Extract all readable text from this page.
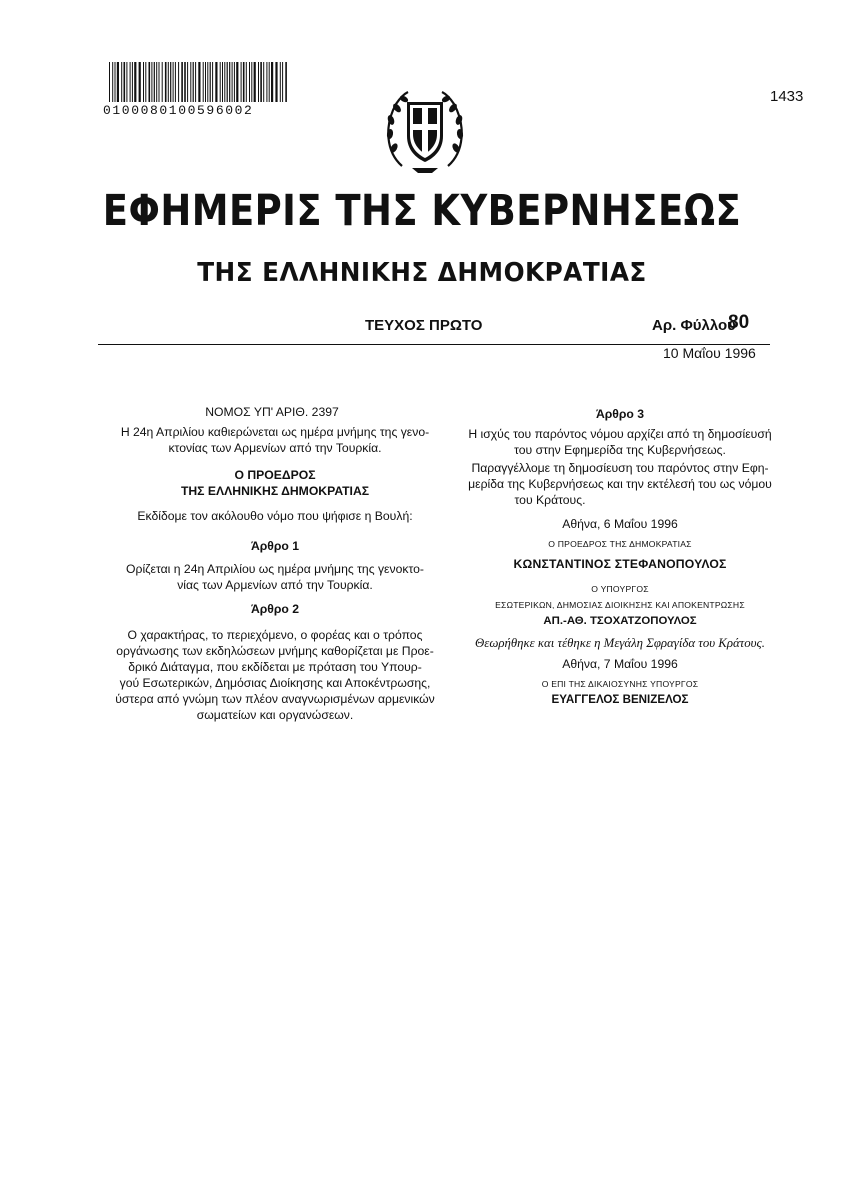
0100080100596002
1433
ΕΦΗΜΕΡΙΣ ΤΗΣ ΚΥΒΕΡΝΗΣΕΩΣ
ΤΗΣ ΕΛΛΗΝΙΚΗΣ ΔΗΜΟΚΡΑΤΙΑΣ
ΤΕΥΧΟΣ ΠΡΩΤΟ	Αρ. Φύλλου
80
10 Μαΐου 1996

ΝΟΜΟΣ ΥΠ' ΑΡΙΘ. 2397

Η 24η Απριλίου καθιερώνεται ως ημέρα μνήμης της γενο-

κτονίας των Αρμενίων από την Τουρκία.

Ο ΠΡΟΕΔΡΟΣ

ΤΗΣ ΕΛΛΗΝΙΚΗΣ ΔΗΜΟΚΡΑΤΙΑΣ

Εκδίδομε τον ακόλουθο νόμο που ψήφισε η Βουλή:

Άρθρο 1

Ορίζεται η 24η Απριλίου ως ημέρα μνήμης της γενοκτο-

νίας των Αρμενίων από την Τουρκία.

Άρθρο 2

Ο χαρακτήρας, το περιεχόμενο, ο φορέας και ο τρόπος

οργάνωσης των εκδηλώσεων μνήμης καθορίζεται με Προε-

δρικό Διάταγμα, που εκδίδεται με πρόταση του Υπουρ-

γού Εσωτερικών, Δημόσιας Διοίκησης και Αποκέντρωσης,

ύστερα από γνώμη των πλέον αναγνωρισμένων αρμενικών

σωματείων και οργανώσεων.

Άρθρο 3

Η ισχύς του παρόντος νόμου αρχίζει από τη δημοσίευσή

του στην Εφημερίδα της Κυβερνήσεως.

Παραγγέλλομε τη δημοσίευση του παρόντος στην Εφη-

μερίδα της Κυβερνήσεως και την εκτέλεσή του ως νόμου

του Κράτους.

Αθήνα, 6 Μαΐου 1996

Ο ΠΡΟΕΔΡΟΣ ΤΗΣ ΔΗΜΟΚΡΑΤΙΑΣ

ΚΩΝΣΤΑΝΤΙΝΟΣ ΣΤΕΦΑΝΟΠΟΥΛΟΣ

Ο ΥΠΟΥΡΓΟΣ

ΕΣΩΤΕΡΙΚΩΝ, ΔΗΜΟΣΙΑΣ ΔΙΟΙΚΗΣΗΣ ΚΑΙ ΑΠΟΚΕΝΤΡΩΣΗΣ

ΑΠ.-ΑΘ. ΤΣΟΧΑΤΖΟΠΟΥΛΟΣ

Θεωρήθηκε και τέθηκε η Μεγάλη Σφραγίδα του Κράτους.

Αθήνα, 7 Μαΐου 1996

Ο ΕΠΙ ΤΗΣ ΔΙΚΑΙΟΣΥΝΗΣ ΥΠΟΥΡΓΟΣ

ΕΥΑΓΓΕΛΟΣ ΒΕΝΙΖΕΛΟΣ
